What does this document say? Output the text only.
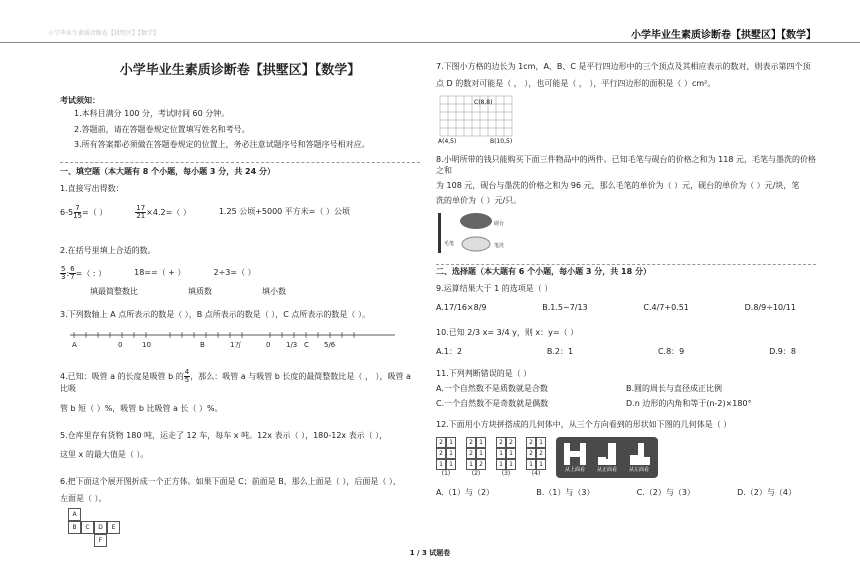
小学毕业生素质诊断卷【拱墅区】【数学】	小学毕业生素质诊断卷【拱墅区】【数学】
小学毕业生素质诊断卷【拱墅区】【数学】
考试须知：
1.本科目满分 100 分，考试时间 60 分钟。
2.答题前，请在答题卷规定位置填写姓名和考号。
3.所有答案都必须做在答题卷规定的位置上，务必注意试题序号和答题序号相对应。
一、填空题（本大题有 8 个小题，每小题 3 分，共 24 分）
1.直接写出得数：
$6-5 \frac{7}{15}$ =（ ）	$\frac{17}{21} \times 4.2=$（ ）	1.25 公顷+5000 平方米=（ ）公顷
2.在括号里填上合适的数。
$\frac{5}{3}$ : $\frac{6}{7}$ =（ : ）	18==（ + ）	2÷3=（ ）
填最简整数比	填质数	填小数
3.下列数轴上 A 点所表示的数是（ ），B 点所表示的数是（ ），C 点所表示的数是（ ）。
A	0	10	B	1万	0 1/3 C 5/6
4.已知：吸管 a 的长度是吸管 b 的 $\frac{4}{5}$ ，那么：吸管 a 与吸管 b 长度的最简整数比是（ ， ），吸管 a 比吸
管 b 短（ ）%，吸管 b 比吸管 a 长（ ）%。
5.仓库里存有货物 180 吨，运走了 12 车，每车 x 吨。12x 表示（ ），180-12x 表示（ ），
这里 x 的最大值是（ ）。
6.把下面这个展开图折成一个正方体。如果下面是 C；前面是 B，那么上面是（ ），后面是（ ），
左面是（ ）。
A
B	C	D	E
F
7.下图小方格的边长为 1cm，A、B、C 是平行四边形中的三个顶点及其相应表示的数对，则表示第四个顶
点 D 的数对可能是（ ， ），也可能是（ ， ），平行四边形的面积是（ ）cm²。
C(8,8)
A(4,5)	B(10,5)
8.小明所带的钱只能购买下面三件物品中的两件。已知毛笔与砚台的价格之和为 118 元，毛笔与墨洗的价格之和
为 108 元，砚台与墨洗的价格之和为 96 元，那么毛笔的单价为（ ）元，砚台的单价为（ ）元/块，笔
洗的单价为（ ）元/只。
砚台
毛笔	笔洗
二、选择题（本大题有 6 个小题，每小题 3 分，共 18 分）
9.运算结果大于 1 的选项是（ ）
A.17/16×8/9	B.1.5−7/13	C.4/7+0.51	D.8/9÷10/11
10.已知 2/3 x= 3/4 y，则 x：y=（ ）
A.1：2	B.2：1	C.8：9	D.9：8
11.下列判断错误的是（ ）
A.一个自然数不是质数就是合数	B.圆的周长与直径成正比例
C.一个自然数不是奇数就是偶数	D.n 边形的内角和等于(n-2)×180°
12.下面用小方块拼搭成的几何体中，从三个方向看到的形状如下图的几何体是（ ）
2	1
2	1
1	1
(1)
2	1
2	1
1	2
(2)
2	2
1	1
1	1
(3)
2	1
2	2
1	1
(4)	从上面看 从正面看 从左面看
A.（1）与（2）	B.（1）与（3）	C.（2）与（3）	D.（2）与（4）
1 / 3 试题卷
